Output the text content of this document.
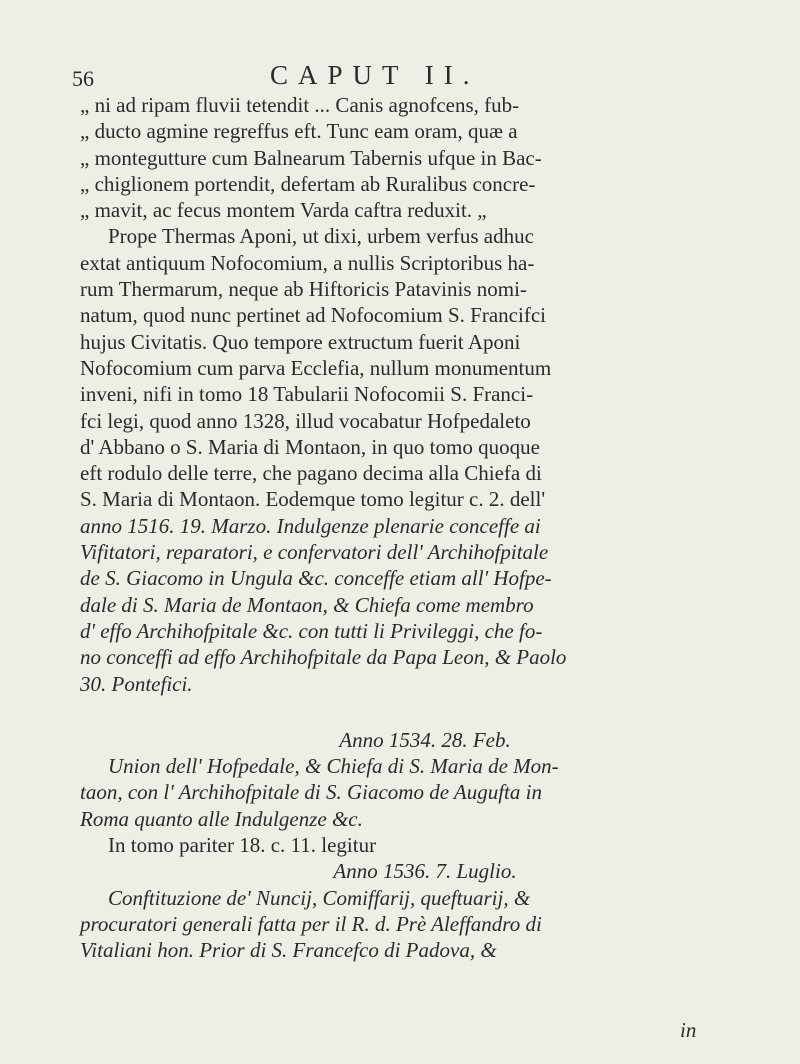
56	CAPUT II.
„ ni ad ripam fluvii tetendit ... Canis agnofcens, fub-
„ ducto agmine regreffus eft. Tunc eam oram, quæ a
„ montegutture cum Balnearum Tabernis ufque in Bac-
„ chiglionem portendit, defertam ab Ruralibus concre-
„ mavit, ac fecus montem Varda caftra reduxit. „
Prope Thermas Aponi, ut dixi, urbem verfus adhuc
extat antiquum Nofocomium, a nullis Scriptoribus ha-
rum Thermarum, neque ab Hiftoricis Patavinis nomi-
natum, quod nunc pertinet ad Nofocomium S. Francifci
hujus Civitatis. Quo tempore extructum fuerit Aponi
Nofocomium cum parva Ecclefia, nullum monumentum
inveni, nifi in tomo 18 Tabularii Nofocomii S. Franci-
fci legi, quod anno 1328, illud vocabatur Hofpedaleto
d' Abbano o S. Maria di Montaon, in quo tomo quoque
eft rodulo delle terre, che pagano decima alla Chiefa di
S. Maria di Montaon. Eodemque tomo legitur c. 2. dell'
anno 1516. 19. Marzo. Indulgenze plenarie conceffe ai
Vifitatori, reparatori, e confervatori dell' Archihofpitale
de S. Giacomo in Ungula &c. conceffe etiam all' Hofpe-
dale di S. Maria de Montaon, & Chiefa come membro
d' effo Archihofpitale &c. con tutti li Privileggi, che fo-
no conceffi ad effo Archihofpitale da Papa Leon, & Paolo
30. Pontefici.
Anno 1534. 28. Feb.
Union dell' Hofpedale, & Chiefa di S. Maria de Mon-
taon, con l' Archihofpitale di S. Giacomo de Augufta in
Roma quanto alle Indulgenze &c.
In tomo pariter 18. c. 11. legitur
Anno 1536. 7. Luglio.
Conftituzione de' Nuncij, Comiffarij, queftuarij, &
procuratori generali fatta per il R. d. Prè Aleffandro di
Vitaliani hon. Prior di S. Francefco di Padova, &
in
